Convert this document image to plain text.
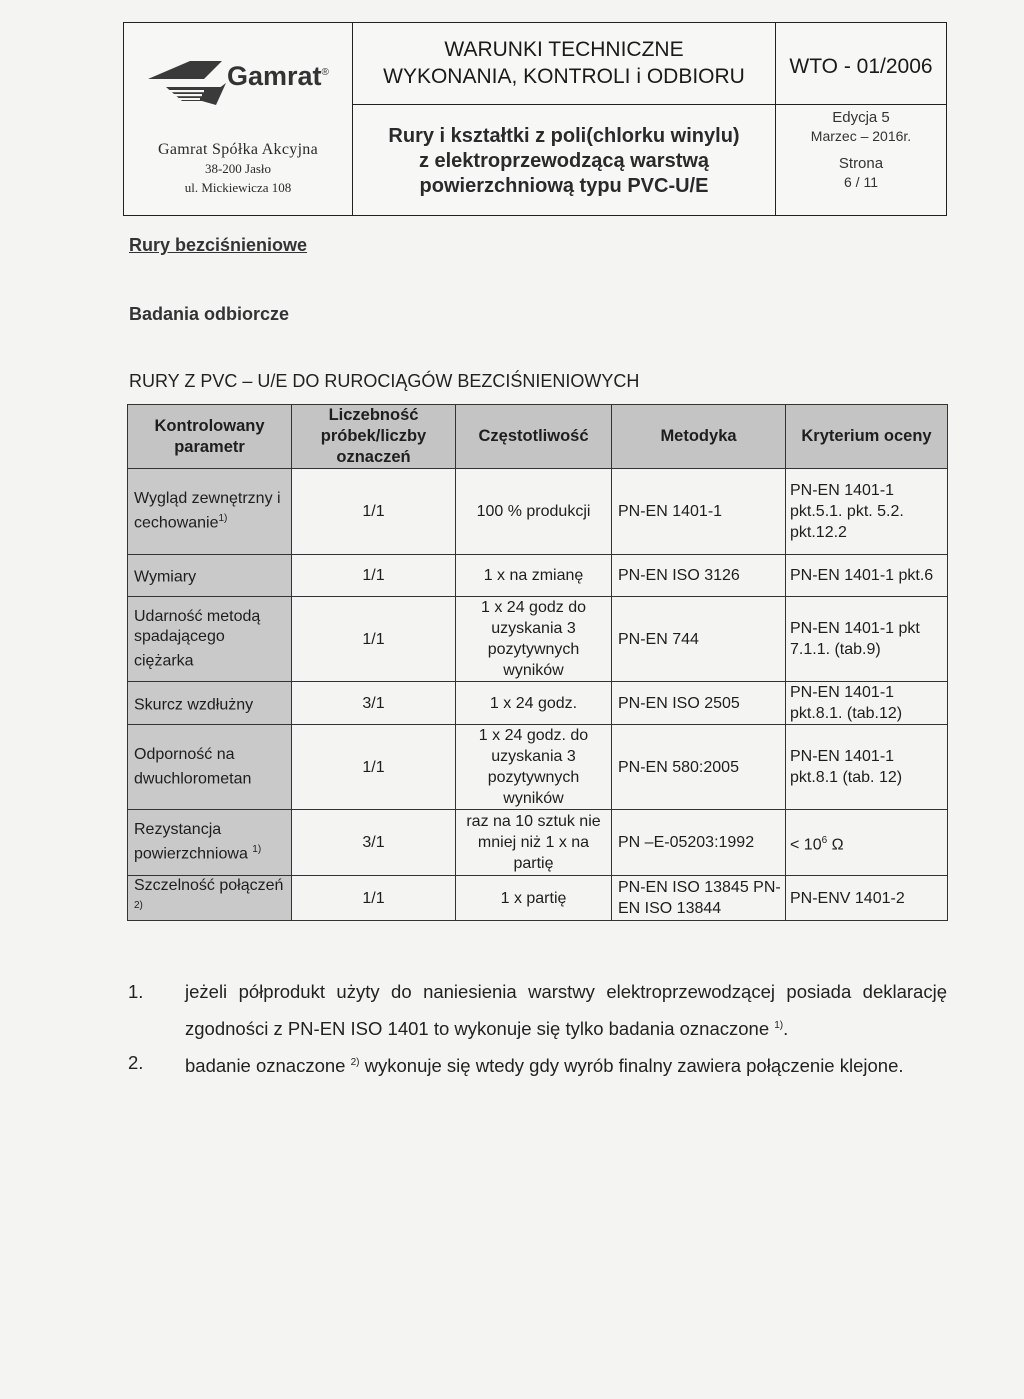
Gamrat®
Gamrat Spółka Akcyjna
38-200 Jasło
ul. Mickiewicza 108
WARUNKI TECHNICZNE
WYKONANIA, KONTROLI i ODBIORU	WTO - 01/2006
Rury i kształtki z poli(chlorku winylu)
z elektroprzewodzącą warstwą
powierzchniową typu PVC-U/E
Edycja 5
Marzec – 2016r.
Strona
6 / 11
Rury bezciśnieniowe
Badania odbiorcze
RURY Z PVC – U/E DO RUROCIĄGÓW BEZCIŚNIENIOWYCH
Kontrolowany parametr	Liczebność próbek/liczby oznaczeń	Częstotliwość	Metodyka	Kryterium oceny
Wygląd zewnętrzny i cechowanie$^{1)}$	1/1	100 % produkcji	PN-EN 1401-1	PN-EN 1401-1 pkt.5.1. pkt. 5.2. pkt.12.2
Wymiary	1/1	1 x na zmianę	PN-EN ISO 3126	PN-EN 1401-1 pkt.6
Udarność metodą spadającego ciężarka	1/1	1 x 24 godz do uzyskania 3 pozytywnych wyników	PN-EN 744	PN-EN 1401-1 pkt 7.1.1. (tab.9)
Skurcz wzdłużny	3/1	1 x 24 godz.	PN-EN ISO 2505	PN-EN 1401-1 pkt.8.1. (tab.12)
Odporność na dwuchlorometan	1/1	1 x 24 godz. do uzyskania 3 pozytywnych wyników	PN-EN 580:2005	PN-EN 1401-1 pkt.8.1 (tab. 12)
Rezystancja powierzchniowa $^{1)}$	3/1	raz na 10 sztuk nie mniej niż 1 x na partię	PN –E-05203:1992	< $10^6$ Ω
Szczelność połączeń $^{2)}$	1/1	1 x partię	PN-EN ISO 13845 PN-EN ISO 13844	PN-ENV 1401-2
1. jeżeli półprodukt użyty do naniesienia warstwy elektroprzewodzącej posiada deklarację zgodności z PN-EN ISO 1401 to wykonuje się tylko badania oznaczone $^{1)}$.
2. badanie oznaczone $^{2)}$ wykonuje się wtedy gdy wyrób finalny zawiera połączenie klejone.
